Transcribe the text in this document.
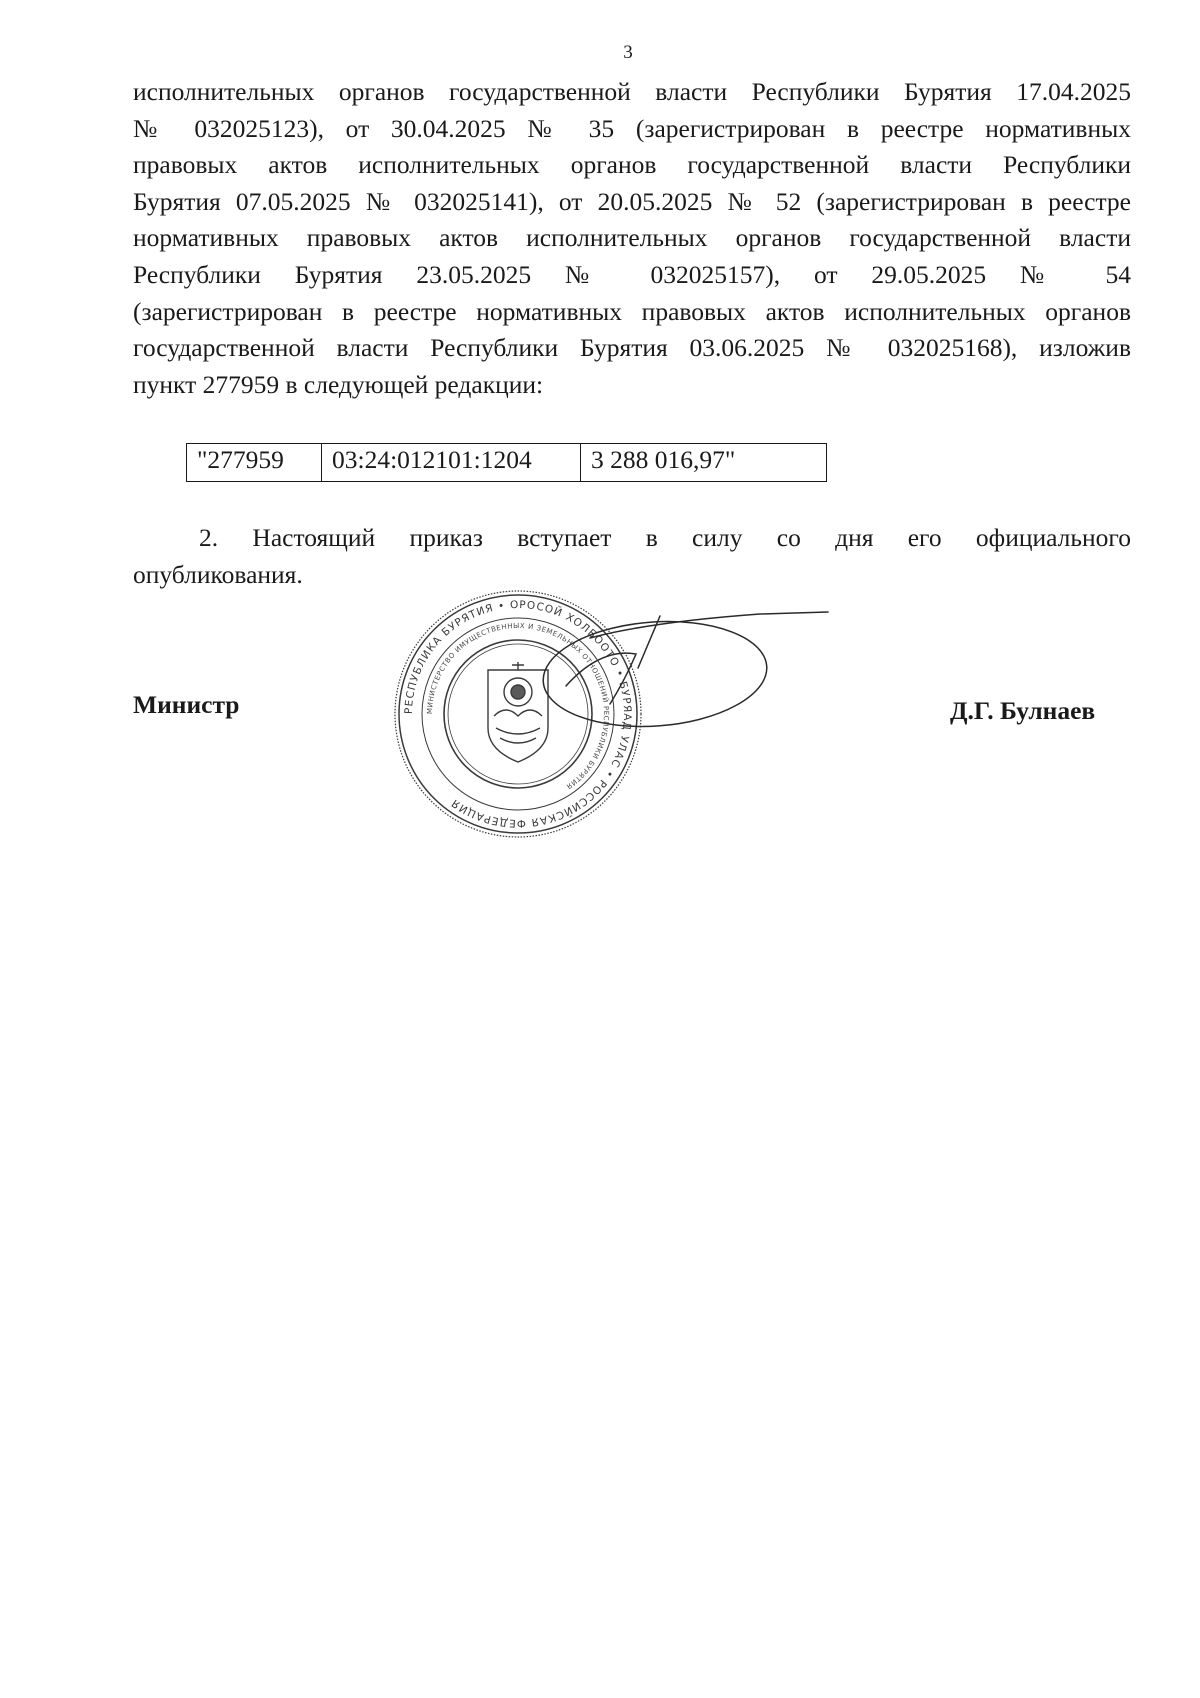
3
исполнительных органов государственной власти Республики Бурятия 17.04.2025
№ 032025123), от 30.04.2025 № 35 (зарегистрирован в реестре нормативных
правовых актов исполнительных органов государственной власти Республики
Бурятия 07.05.2025 № 032025141), от 20.05.2025 № 52 (зарегистрирован в реестре
нормативных правовых актов исполнительных органов государственной власти
Республики Бурятия 23.05.2025 № 032025157), от 29.05.2025 № 54
(зарегистрирован в реестре нормативных правовых актов исполнительных органов
государственной власти Республики Бурятия 03.06.2025 № 032025168), изложив
пункт 277959 в следующей редакции:
"277959	03:24:012101:1204	3 288 016,97"
2. Настоящий приказ вступает в силу со дня его официального
опубликования.
Министр	РЕСПУБЛИКА БУРЯТИЯ • ОРОСОЙ ХОЛБООТО • БУРЯАД УЛАС • РОССИЙСКАЯ ФЕДЕРАЦИЯ
МИНИСТЕРСТВО ИМУЩЕСТВЕННЫХ И ЗЕМЕЛЬНЫХ ОТНОШЕНИЙ РЕСПУБЛИКИ БУРЯТИЯ
Д.Г. Булнаев
